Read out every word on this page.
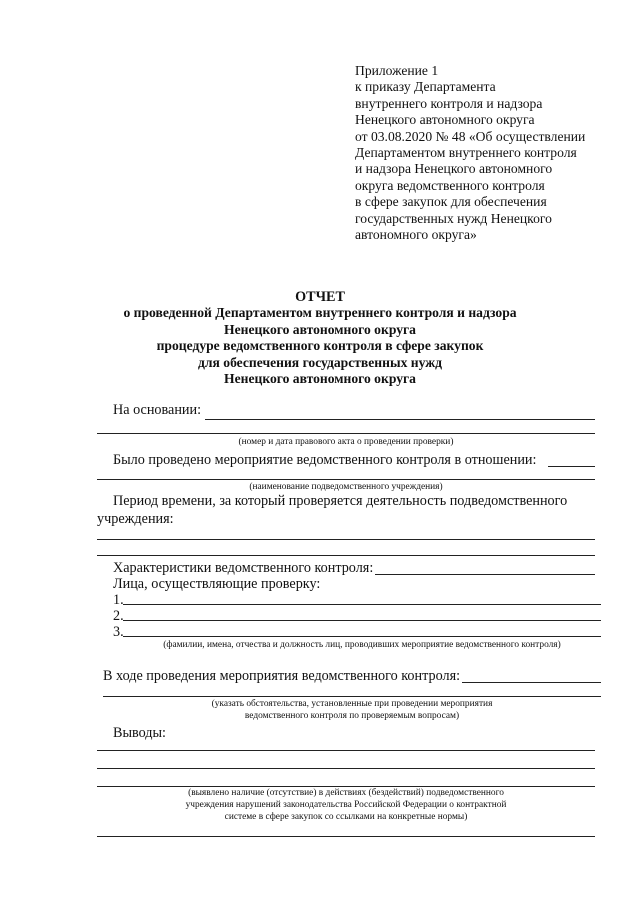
Приложение 1
к приказу Департамента
внутреннего контроля и надзора
Ненецкого автономного округа
от 03.08.2020 № 48 «Об осуществлении
Департаментом внутреннего контроля
и надзора Ненецкого автономного
округа ведомственного контроля
в сфере закупок для обеспечения
государственных нужд Ненецкого
автономного округа»
ОТЧЕТ
о проведенной Департаментом внутреннего контроля и надзора
Ненецкого автономного округа
процедуре ведомственного контроля в сфере закупок
для обеспечения государственных нужд
Ненецкого автономного округа
На основании:
(номер и дата правового акта о проведении проверки)
Было проведено мероприятие ведомственного контроля в отношении:
(наименование подведомственного учреждения)
Период времени, за который проверяется деятельность подведомственного
учреждения:
Характеристики ведомственного контроля:
Лица, осуществляющие проверку:
1.
2.
3.
(фамилии, имена, отчества и должность лиц, проводивших мероприятие ведомственного контроля)
В ходе проведения мероприятия ведомственного контроля:
(указать обстоятельства, установленные при проведении мероприятия
ведомственного контроля по проверяемым вопросам)
Выводы:
(выявлено наличие (отсутствие) в действиях (бездействий) подведомственного
учреждения нарушений законодательства Российской Федерации о контрактной
системе в сфере закупок со ссылками на конкретные нормы)
